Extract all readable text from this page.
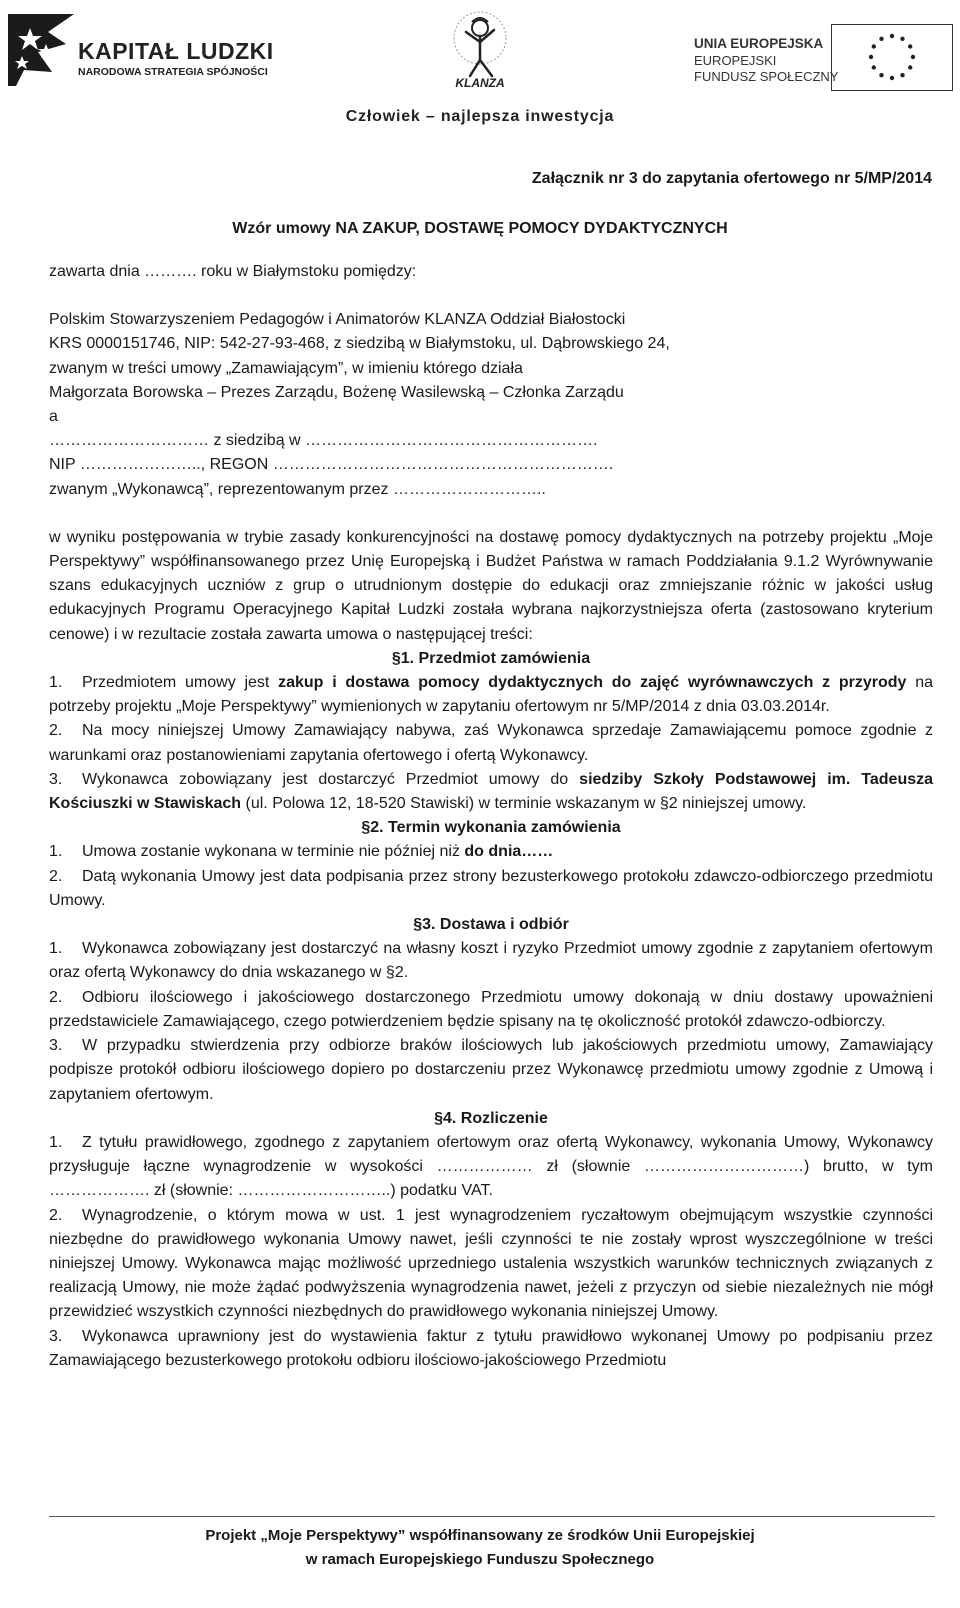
KAPITAŁ LUDZKI
NARODOWA STRATEGIA SPÓJNOŚCI
KLANZA
UNIA EUROPEJSKA
EUROPEJSKI
FUNDUSZ SPOŁECZNY
Człowiek – najlepsza inwestycja
Załącznik nr 3 do zapytania ofertowego nr 5/MP/2014
Wzór umowy NA ZAKUP, DOSTAWĘ POMOCY DYDAKTYCZNYCH

zawarta dnia ………. roku w Białymstoku pomiędzy:

Polskim Stowarzyszeniem Pedagogów i Animatorów KLANZA Oddział Białostocki

KRS 0000151746, NIP: 542-27-93-468, z siedzibą w Białymstoku, ul. Dąbrowskiego 24,

zwanym w treści umowy „Zamawiającym”, w imieniu którego działa

Małgorzata Borowska – Prezes Zarządu, Bożenę Wasilewską – Członka Zarządu

a

………………………… z siedzibą w ……………………………………………….

NIP ………………….., REGON ……………………………………………………….

zwanym „Wykonawcą”, reprezentowanym przez ………………………..

w wyniku postępowania w trybie zasady konkurencyjności na dostawę pomocy dydaktycznych na potrzeby projektu „Moje Perspektywy” współfinansowanego przez Unię Europejską i Budżet Państwa w ramach Poddziałania 9.1.2 Wyrównywanie szans edukacyjnych uczniów z grup o utrudnionym dostępie do edukacji oraz zmniejszanie różnic w jakości usług edukacyjnych Programu Operacyjnego Kapitał Ludzki została wybrana najkorzystniejsza oferta (zastosowano kryterium cenowe) i w rezultacie została zawarta umowa o następującej treści:

§1. Przedmiot zamówienia

1. Przedmiotem umowy jest zakup i dostawa pomocy dydaktycznych do zajęć wyrównawczych z przyrody na potrzeby projektu „Moje Perspektywy” wymienionych w zapytaniu ofertowym nr 5/MP/2014 z dnia 03.03.2014r.

2. Na mocy niniejszej Umowy Zamawiający nabywa, zaś Wykonawca sprzedaje Zamawiającemu pomoce zgodnie z warunkami oraz postanowieniami zapytania ofertowego i ofertą Wykonawcy.

3. Wykonawca zobowiązany jest dostarczyć Przedmiot umowy do siedziby Szkoły Podstawowej im. Tadeusza Kościuszki w Stawiskach (ul. Polowa 12, 18-520 Stawiski) w terminie wskazanym w §2 niniejszej umowy.

§2. Termin wykonania zamówienia

1. Umowa zostanie wykonana w terminie nie później niż do dnia……

2. Datą wykonania Umowy jest data podpisania przez strony bezusterkowego protokołu zdawczo-odbiorczego przedmiotu Umowy.

§3. Dostawa i odbiór

1. Wykonawca zobowiązany jest dostarczyć na własny koszt i ryzyko Przedmiot umowy zgodnie z zapytaniem ofertowym oraz ofertą Wykonawcy do dnia wskazanego w §2.

2. Odbioru ilościowego i jakościowego dostarczonego Przedmiotu umowy dokonają w dniu dostawy upoważnieni przedstawiciele Zamawiającego, czego potwierdzeniem będzie spisany na tę okoliczność protokół zdawczo-odbiorczy.

3. W przypadku stwierdzenia przy odbiorze braków ilościowych lub jakościowych przedmiotu umowy, Zamawiający podpisze protokół odbioru ilościowego dopiero po dostarczeniu przez Wykonawcę przedmiotu umowy zgodnie z Umową i zapytaniem ofertowym.

§4. Rozliczenie

1. Z tytułu prawidłowego, zgodnego z zapytaniem ofertowym oraz ofertą Wykonawcy, wykonania Umowy, Wykonawcy przysługuje łączne wynagrodzenie w wysokości ……………… zł (słownie …………………………) brutto, w tym ………………. zł (słownie: ………………………..) podatku VAT.

2. Wynagrodzenie, o którym mowa w ust. 1 jest wynagrodzeniem ryczałtowym obejmującym wszystkie czynności niezbędne do prawidłowego wykonania Umowy nawet, jeśli czynności te nie zostały wprost wyszczególnione w treści niniejszej Umowy. Wykonawca mając możliwość uprzedniego ustalenia wszystkich warunków technicznych związanych z realizacją Umowy, nie może żądać podwyższenia wynagrodzenia nawet, jeżeli z przyczyn od siebie niezależnych nie mógł przewidzieć wszystkich czynności niezbędnych do prawidłowego wykonania niniejszej Umowy.

3. Wykonawca uprawniony jest do wystawienia faktur z tytułu prawidłowo wykonanej Umowy po podpisaniu przez Zamawiającego bezusterkowego protokołu odbioru ilościowo-jakościowego Przedmiotu

Projekt „Moje Perspektywy” współfinansowany ze środków Unii Europejskiej
w ramach Europejskiego Funduszu Społecznego
